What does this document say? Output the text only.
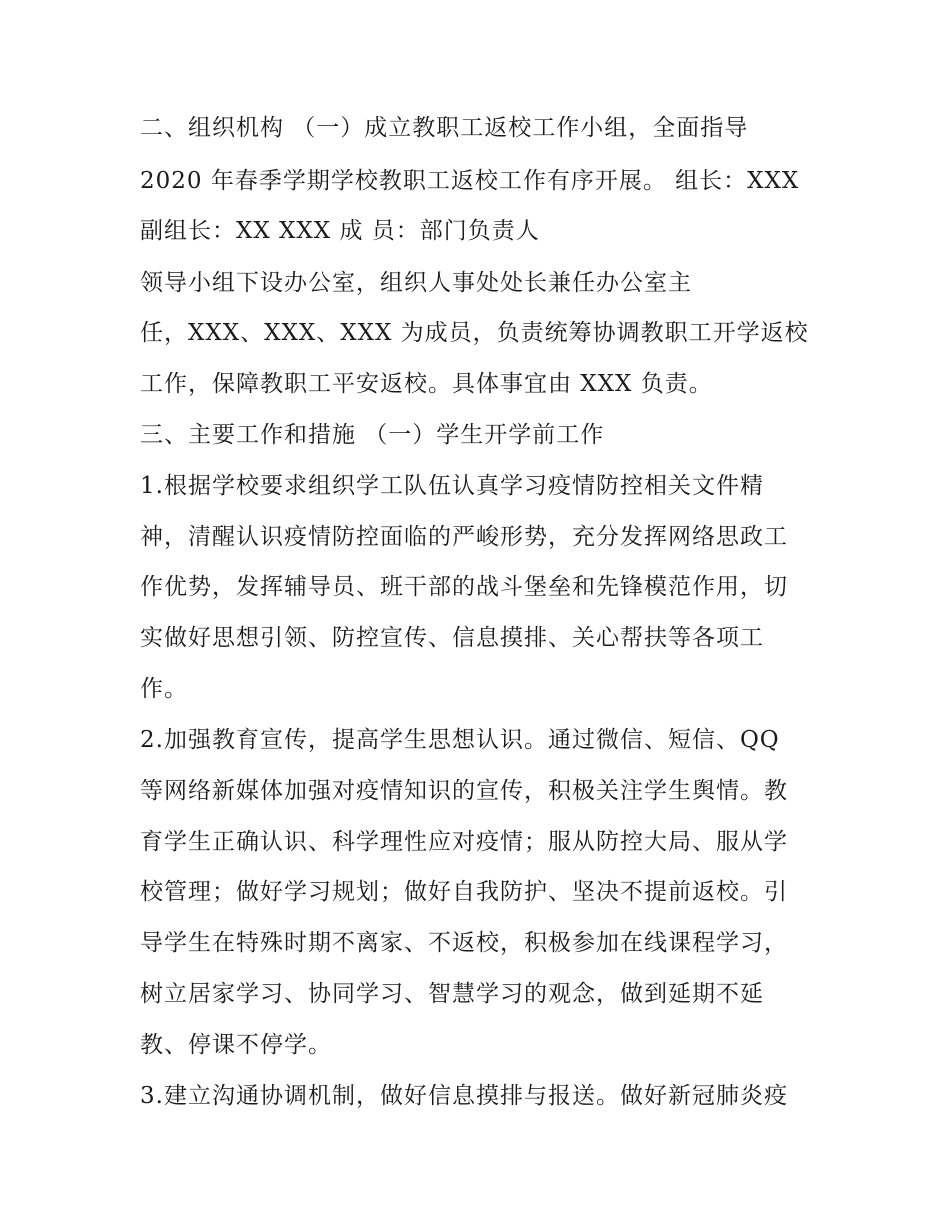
二、组织机构 （一）成立教职工返校工作小组，全面指导

2020 年春季学期学校教职工返校工作有序开展。 组长：XXX

副组长：XX XXX 成 员：部门负责人

领导小组下设办公室，组织人事处处长兼任办公室主

任，XXX、XXX、XXX 为成员，负责统筹协调教职工开学返校

工作，保障教职工平安返校。具体事宜由 XXX 负责。

三、主要工作和措施 （一）学生开学前工作

1.根据学校要求组织学工队伍认真学习疫情防控相关文件精

神，清醒认识疫情防控面临的严峻形势，充分发挥网络思政工

作优势，发挥辅导员、班干部的战斗堡垒和先锋模范作用，切

实做好思想引领、防控宣传、信息摸排、关心帮扶等各项工

作。

2.加强教育宣传，提高学生思想认识。通过微信、短信、QQ

等网络新媒体加强对疫情知识的宣传，积极关注学生舆情。教

育学生正确认识、科学理性应对疫情；服从防控大局、服从学

校管理；做好学习规划；做好自我防护、坚决不提前返校。引

导学生在特殊时期不离家、不返校，积极参加在线课程学习，

树立居家学习、协同学习、智慧学习的观念，做到延期不延

教、停课不停学。

3.建立沟通协调机制，做好信息摸排与报送。做好新冠肺炎疫
